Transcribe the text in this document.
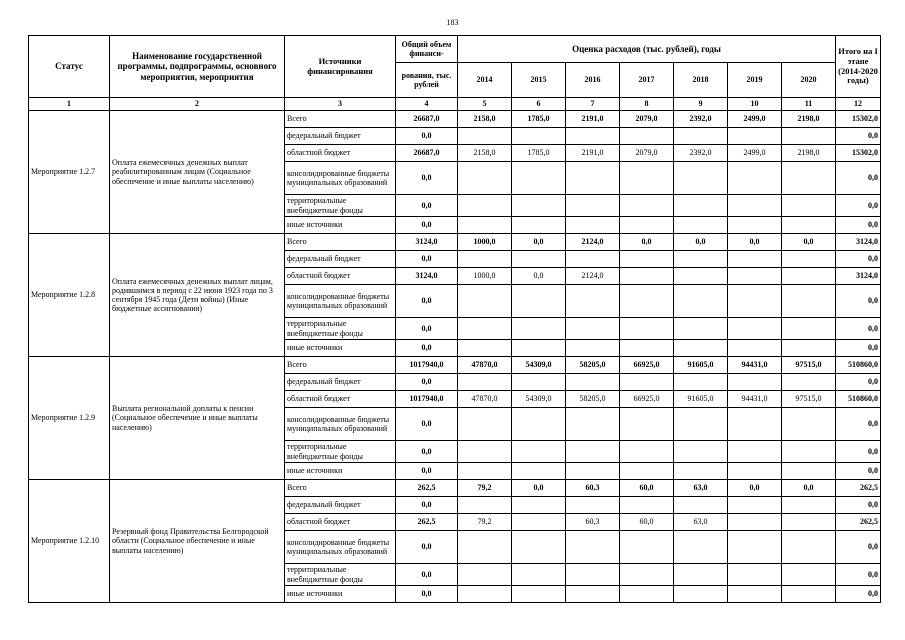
183
Статус	Наименование государственной программы, подпрограммы, основного мероприятия, мероприятия	Источники финансирования	Общий объем финанси-	Оценка расходов (тыс. рублей), годы							Итого на I этапе (2014-2020 годы)
			рования, тыс. рублей	2014	2015	2016	2017	2018	2019	2020	
1	2	3	4	5	6	7	8	9	10	11	12
Мероприятие 1.2.7	Оплата ежемесячных денежных выплат реабилитированным лицам (Социальное обеспечение и иные выплаты населению)	Всего	26687,0	2158,0	1785,0	2191,0	2079,0	2392,0	2499,0	2198,0	15302,0
		федеральный бюджет	0,0								0,0
		областной бюджет	26687,0	2158,0	1785,0	2191,0	2079,0	2392,0	2499,0	2198,0	15302,0
		консолидированные бюджеты муниципальных образований	0,0								0,0
		территориальные внебюджетные фонды	0,0								0,0
		иные источники	0,0								0,0
Мероприятие 1.2.8	Оплата ежемесячных денежных выплат лицам, родившимся в период с 22 июня 1923 года по 3 сентября 1945 года (Дети войны) (Иные бюджетные ассигнования)	Всего	3124,0	1000,0	0,0	2124,0	0,0	0,0	0,0	0,0	3124,0
		федеральный бюджет	0,0								0,0
		областной бюджет	3124,0	1000,0	0,0	2124,0					3124,0
		консолидированные бюджеты муниципальных образований	0,0								0,0
		территориальные внебюджетные фонды	0,0								0,0
		иные источники	0,0								0,0
Мероприятие 1.2.9	Выплата региональной доплаты к пенсии (Социальное обеспечение и иные выплаты населению)	Всего	1017940,0	47870,0	54309,0	58205,0	66925,0	91605,0	94431,0	97515,0	510860,0
		федеральный бюджет	0,0								0,0
		областной бюджет	1017940,0	47870,0	54309,0	58205,0	66925,0	91605,0	94431,0	97515,0	510860,0
		консолидированные бюджеты муниципальных образований	0,0								0,0
		территориальные внебюджетные фонды	0,0								0,0
		иные источники	0,0								0,0
Мероприятие 1.2.10	Резервный фонд Правительства Белгородской области (Социальное обеспечение и иные выплаты населению)	Всего	262,5	79,2	0,0	60,3	60,0	63,0	0,0	0,0	262,5
		федеральный бюджет	0,0								0,0
		областной бюджет	262,5	79,2		60,3	60,0	63,0			262,5
		консолидированные бюджеты муниципальных образований	0,0								0,0
		территориальные внебюджетные фонды	0,0								0,0
		иные источники	0,0								0,0
